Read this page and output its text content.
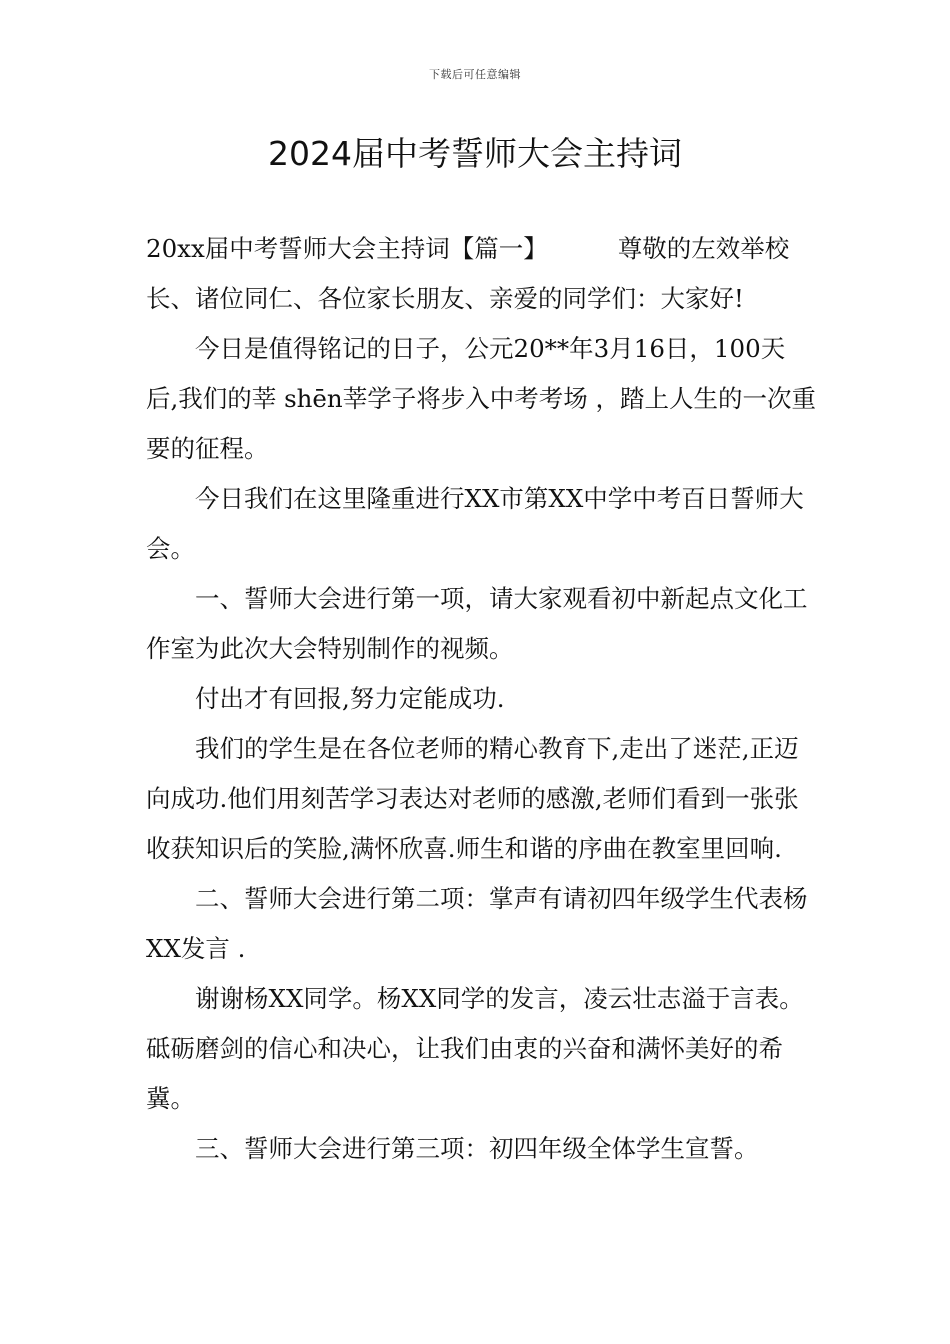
下载后可任意编辑
2024届中考誓师大会主持词

20xx届中考誓师大会主持词【篇一】	尊敬的左效举校长、诸位同仁、各位家长朋友、亲爱的同学们：大家好!

今日是值得铭记的日子，公元20**年3月16日，100天后,我们的莘 shēn莘学子将步入中考考场 ，踏上人生的一次重要的征程。

今日我们在这里隆重进行XX市第XX中学中考百日誓师大会。

一、誓师大会进行第一项，请大家观看初中新起点文化工作室为此次大会特别制作的视频。

付出才有回报,努力定能成功.

我们的学生是在各位老师的精心教育下,走出了迷茫,正迈向成功.他们用刻苦学习表达对老师的感激,老师们看到一张张收获知识后的笑脸,满怀欣喜.师生和谐的序曲在教室里回响.

二、誓师大会进行第二项：掌声有请初四年级学生代表杨XX发言 .

谢谢杨XX同学。杨XX同学的发言，凌云壮志溢于言表。砥砺磨剑的信心和决心，让我们由衷的兴奋和满怀美好的希冀。

三、誓师大会进行第三项：初四年级全体学生宣誓。
